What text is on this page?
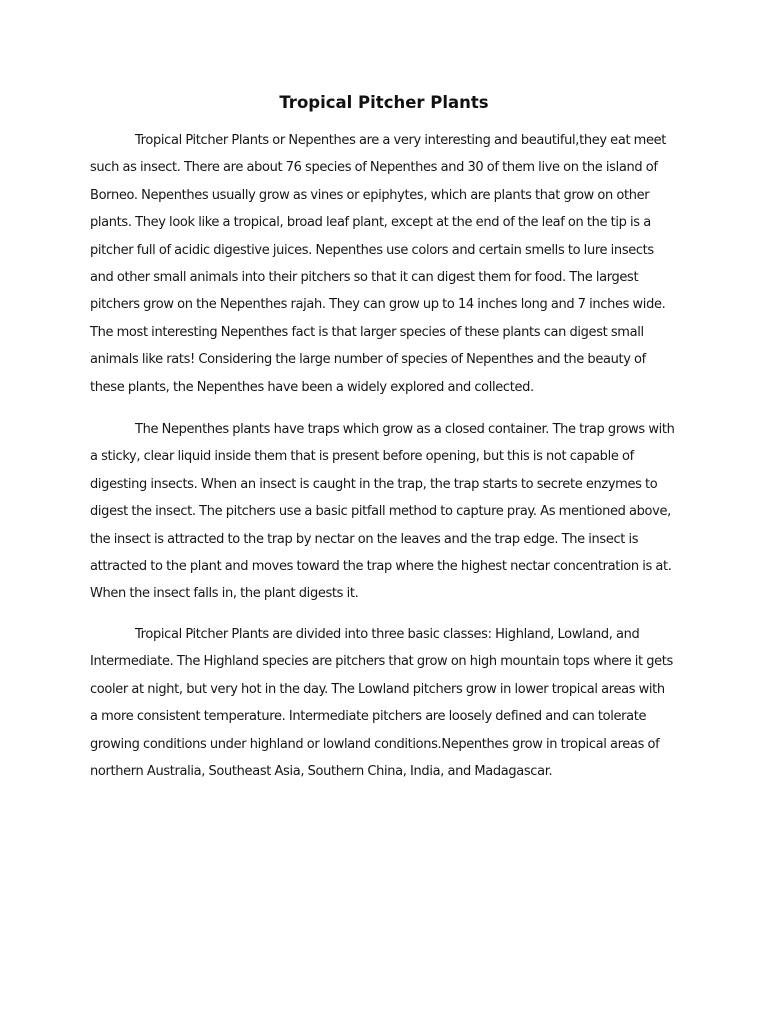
Tropical Pitcher Plants

Tropical Pitcher Plants or Nepenthes are a very interesting and beautiful,they eat meet such as insect. There are about 76 species of Nepenthes and 30 of them live on the island of Borneo. Nepenthes usually grow as vines or epiphytes, which are plants that grow on other plants. They look like a tropical, broad leaf plant, except at the end of the leaf on the tip is a pitcher full of acidic digestive juices. Nepenthes use colors and certain smells to lure insects and other small animals into their pitchers so that it can digest them for food. The largest pitchers grow on the Nepenthes rajah. They can grow up to 14 inches long and 7 inches wide. The most interesting Nepenthes fact is that larger species of these plants can digest small animals like rats! Considering the large number of species of Nepenthes and the beauty of these plants, the Nepenthes have been a widely explored and collected.

The Nepenthes plants have traps which grow as a closed container. The trap grows with a sticky, clear liquid inside them that is present before opening, but this is not capable of digesting insects. When an insect is caught in the trap, the trap starts to secrete enzymes to digest the insect. The pitchers use a basic pitfall method to capture pray. As mentioned above, the insect is attracted to the trap by nectar on the leaves and the trap edge. The insect is attracted to the plant and moves toward the trap where the highest nectar concentration is at. When the insect falls in, the plant digests it.

Tropical Pitcher Plants are divided into three basic classes: Highland, Lowland, and Intermediate. The Highland species are pitchers that grow on high mountain tops where it gets cooler at night, but very hot in the day. The Lowland pitchers grow in lower tropical areas with a more consistent temperature. Intermediate pitchers are loosely defined and can tolerate growing conditions under highland or lowland conditions.Nepenthes grow in tropical areas of northern Australia, Southeast Asia, Southern China, India, and Madagascar.
